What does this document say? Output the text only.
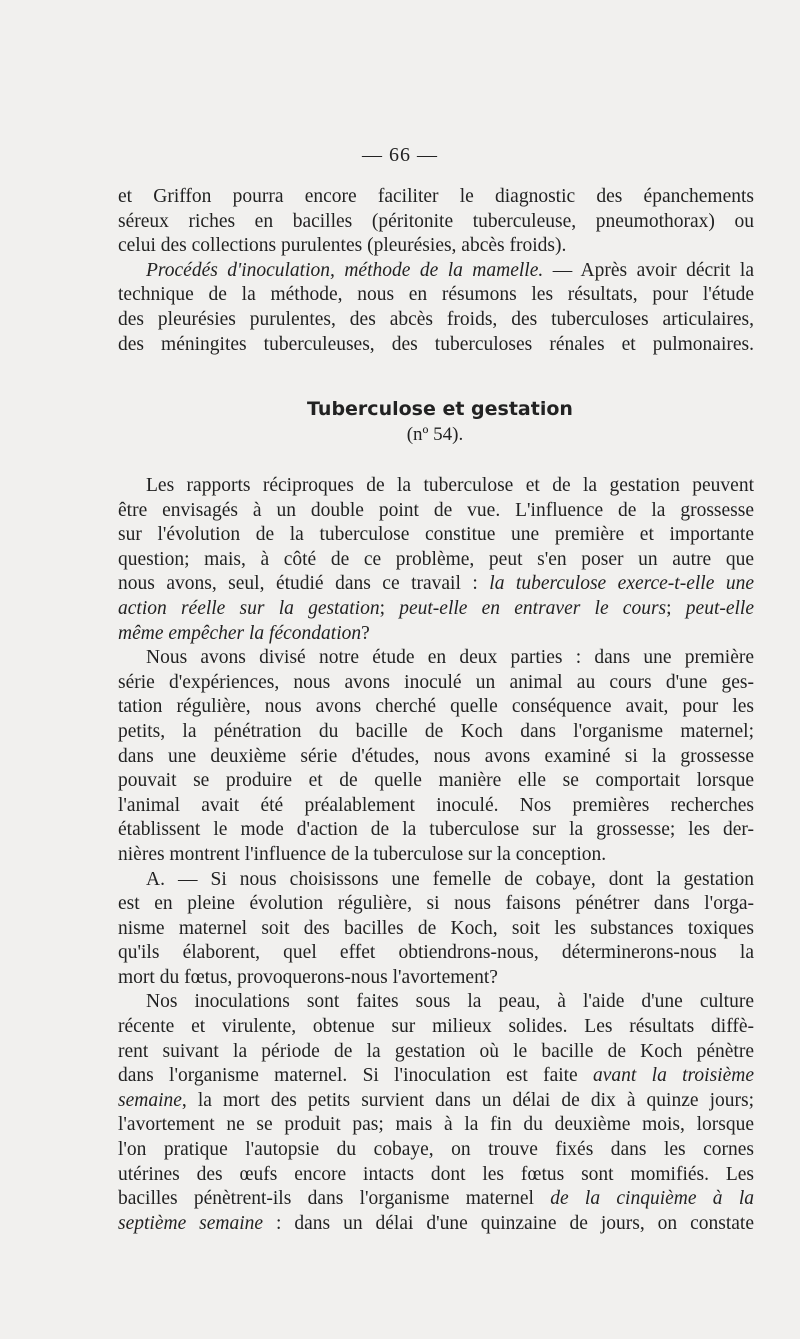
— 66 —
et Griffon pourra encore faciliter le diagnostic des épanchements
séreux riches en bacilles (péritonite tuberculeuse, pneumothorax) ou
celui des collections purulentes (pleurésies, abcès froids).
Procédés d'inoculation, méthode de la mamelle. — Après avoir décrit la
technique de la méthode, nous en résumons les résultats, pour l'étude
des pleurésies purulentes, des abcès froids, des tuberculoses articulaires,
des méningites tuberculeuses, des tuberculoses rénales et pulmonaires.
Tuberculose et gestation
(nº 54).
Les rapports réciproques de la tuberculose et de la gestation peuvent
être envisagés à un double point de vue. L'influence de la grossesse
sur l'évolution de la tuberculose constitue une première et importante
question; mais, à côté de ce problème, peut s'en poser un autre que
nous avons, seul, étudié dans ce travail : la tuberculose exerce-t-elle une
action réelle sur la gestation; peut-elle en entraver le cours; peut-elle
même empêcher la fécondation?
Nous avons divisé notre étude en deux parties : dans une première
série d'expériences, nous avons inoculé un animal au cours d'une ges-
tation régulière, nous avons cherché quelle conséquence avait, pour les
petits, la pénétration du bacille de Koch dans l'organisme maternel;
dans une deuxième série d'études, nous avons examiné si la grossesse
pouvait se produire et de quelle manière elle se comportait lorsque
l'animal avait été préalablement inoculé. Nos premières recherches
établissent le mode d'action de la tuberculose sur la grossesse; les der-
nières montrent l'influence de la tuberculose sur la conception.
A. — Si nous choisissons une femelle de cobaye, dont la gestation
est en pleine évolution régulière, si nous faisons pénétrer dans l'orga-
nisme maternel soit des bacilles de Koch, soit les substances toxiques
qu'ils élaborent, quel effet obtiendrons-nous, déterminerons-nous la
mort du fœtus, provoquerons-nous l'avortement?
Nos inoculations sont faites sous la peau, à l'aide d'une culture
récente et virulente, obtenue sur milieux solides. Les résultats diffè-
rent suivant la période de la gestation où le bacille de Koch pénètre
dans l'organisme maternel. Si l'inoculation est faite avant la troisième
semaine, la mort des petits survient dans un délai de dix à quinze jours;
l'avortement ne se produit pas; mais à la fin du deuxième mois, lorsque
l'on pratique l'autopsie du cobaye, on trouve fixés dans les cornes
utérines des œufs encore intacts dont les fœtus sont momifiés. Les
bacilles pénètrent-ils dans l'organisme maternel de la cinquième à la
septième semaine : dans un délai d'une quinzaine de jours, on constate
